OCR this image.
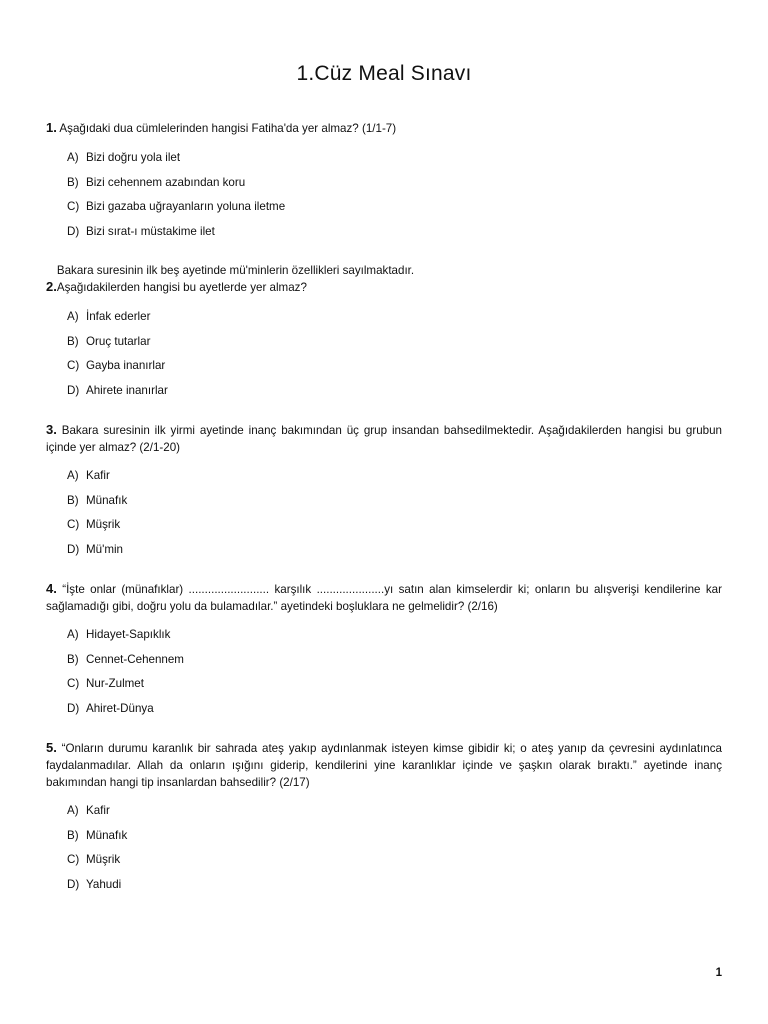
1.Cüz Meal Sınavı

1. Aşağıdaki dua cümlelerinden hangisi Fatiha'da yer almaz? (1/1-7)

A) Bizi doğru yola ilet
B) Bizi cehennem azabından koru
C) Bizi gazaba uğrayanların yoluna iletme
D) Bizi sırat-ı müstakime ilet

2.Bakara suresinin ilk beş ayetinde mü'minlerin özellikleri sayılmaktadır. Aşağıdakilerden hangisi bu ayetlerde yer almaz?

A) İnfak ederler
B) Oruç tutarlar
C) Gayba inanırlar
D) Ahirete inanırlar

3. Bakara suresinin ilk yirmi ayetinde inanç bakımından üç grup insandan bahsedilmektedir. Aşağıdakilerden hangisi bu grubun içinde yer almaz? (2/1-20)

A) Kafir
B) Münafık
C) Müşrik
D) Mü'min

4. “İşte onlar (münafıklar) ......................... karşılık .....................yı satın alan kimselerdir ki; onların bu alışverişi kendilerine kar sağlamadığı gibi, doğru yolu da bulamadılar.” ayetindeki boşluklara ne gelmelidir? (2/16)

A) Hidayet-Sapıklık
B) Cennet-Cehennem
C) Nur-Zulmet
D) Ahiret-Dünya

5. “Onların durumu karanlık bir sahrada ateş yakıp aydınlanmak isteyen kimse gibidir ki; o ateş yanıp da çevresini aydınlatınca faydalanmadılar. Allah da onların ışığını giderip, kendilerini yine karanlıklar içinde ve şaşkın olarak bıraktı.” ayetinde inanç bakımından hangi tip insanlardan bahsedilir? (2/17)

A) Kafir
B) Münafık
C) Müşrik
D) Yahudi
1
